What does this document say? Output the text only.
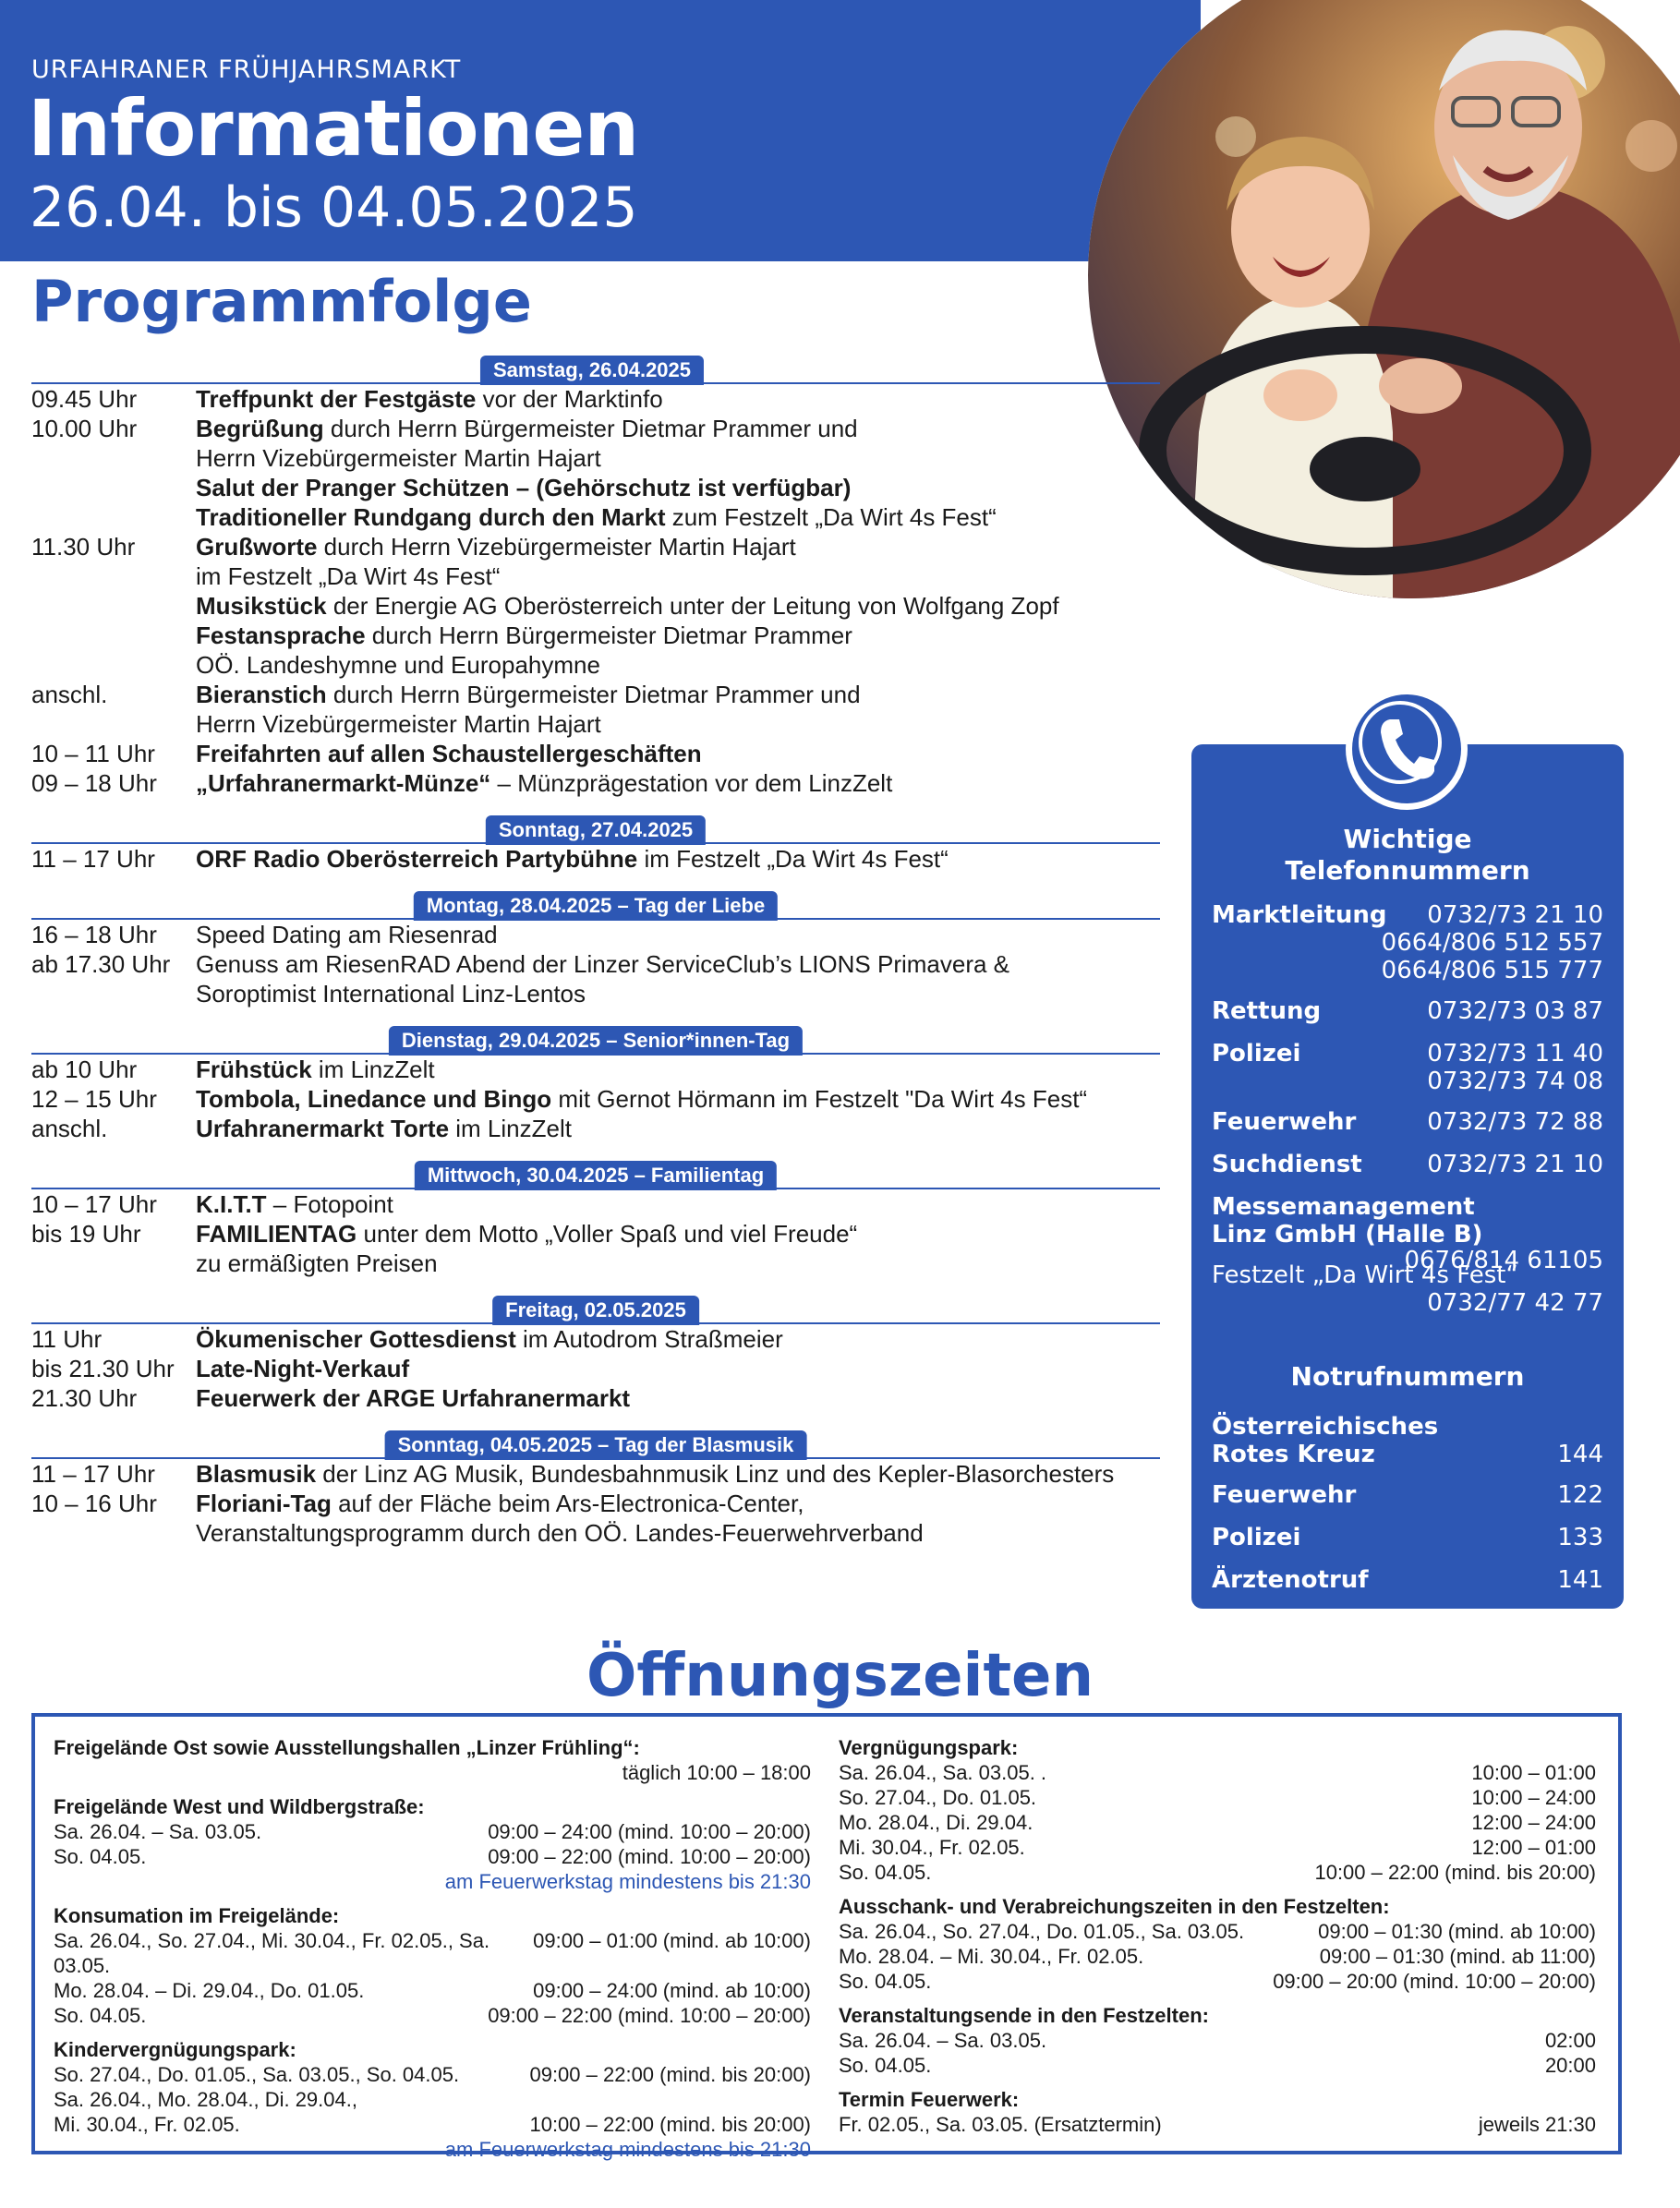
URFAHRANER FRÜHJAHRSMARKT
Informationen
26.04. bis 04.05.2025
Programmfolge
Samstag, 26.04.2025
09.45 Uhr	Treffpunkt der Festgäste vor der Marktinfo
10.00 Uhr	Begrüßung durch Herrn Bürgermeister Dietmar Prammer und
Herrn Vizebürgermeister Martin Hajart
Salut der Pranger Schützen – (Gehörschutz ist verfügbar)
Traditioneller Rundgang durch den Markt zum Festzelt „Da Wirt 4s Fest“
11.30 Uhr	Grußworte durch Herrn Vizebürgermeister Martin Hajart
im Festzelt „Da Wirt 4s Fest“
Musikstück der Energie AG Oberösterreich unter der Leitung von Wolfgang Zopf
Festansprache durch Herrn Bürgermeister Dietmar Prammer
OÖ. Landeshymne und Europahymne
anschl.	Bieranstich durch Herrn Bürgermeister Dietmar Prammer und
Herrn Vizebürgermeister Martin Hajart
10 – 11 Uhr	Freifahrten auf allen Schaustellergeschäften
09 – 18 Uhr	„Urfahranermarkt-Münze“ – Münzprägestation vor dem LinzZelt
Sonntag, 27.04.2025
11 – 17 Uhr	ORF Radio Oberösterreich Partybühne im Festzelt „Da Wirt 4s Fest“
Montag, 28.04.2025 – Tag der Liebe
16 – 18 Uhr	Speed Dating am Riesenrad
ab 17.30 Uhr	Genuss am RiesenRAD Abend der Linzer ServiceClub’s LIONS Primavera &
Soroptimist International Linz-Lentos
Dienstag, 29.04.2025 – Senior*innen-Tag
ab 10 Uhr	Frühstück im LinzZelt
12 – 15 Uhr	Tombola, Linedance und Bingo mit Gernot Hörmann im Festzelt "Da Wirt 4s Fest“
anschl.	Urfahranermarkt Torte im LinzZelt
Mittwoch, 30.04.2025 – Familientag
10 – 17 Uhr	K.I.T.T – Fotopoint
bis 19 Uhr	FAMILIENTAG unter dem Motto „Voller Spaß und viel Freude“
zu ermäßigten Preisen
Freitag, 02.05.2025
11 Uhr	Ökumenischer Gottesdienst im Autodrom Straßmeier
bis 21.30 Uhr Late-Night-Verkauf
21.30 Uhr	Feuerwerk der ARGE Urfahranermarkt
Sonntag, 04.05.2025 – Tag der Blasmusik
11 – 17 Uhr	Blasmusik der Linz AG Musik, Bundesbahnmusik Linz und des Kepler-Blasorchesters
10 – 16 Uhr	Floriani-Tag auf der Fläche beim Ars-Electronica-Center,
Veranstaltungsprogramm durch den OÖ. Landes-Feuerwehrverband
Wichtige Telefonnummern
Marktleitung	0732/73 21 10
0664/806 512 557
0664/806 515 777
Rettung	0732/73 03 87
Polizei	0732/73 11 40
0732/73 74 08
Feuerwehr	0732/73 72 88
Suchdienst	0732/73 21 10
Messemanagement Linz GmbH (Halle B)
0676/814 61105
Festzelt „Da Wirt 4s Fest“
0732/77 42 77
Notrufnummern
Österreichisches Rotes Kreuz	144
Feuerwehr	122
Polizei	133
Ärztenotruf	141
Öffnungszeiten
Freigelände Ost sowie Ausstellungshallen „Linzer Frühling“:
täglich 10:00 – 18:00
Freigelände West und Wildbergstraße:
Sa. 26.04. – Sa. 03.05.	09:00 – 24:00 (mind. 10:00 – 20:00)
So. 04.05.	09:00 – 22:00 (mind. 10:00 – 20:00)
am Feuerwerkstag mindestens bis 21:30
Konsumation im Freigelände:
Sa. 26.04., So. 27.04., Mi. 30.04., Fr. 02.05., Sa. 03.05.
09:00 – 01:00 (mind. ab 10:00)
Mo. 28.04. – Di. 29.04., Do. 01.05.	09:00 – 24:00 (mind. ab 10:00)
So. 04.05.	09:00 – 22:00 (mind. 10:00 – 20:00)
Kindervergnügungspark:
So. 27.04., Do. 01.05., Sa. 03.05., So. 04.05.	09:00 – 22:00 (mind. bis 20:00)
Sa. 26.04., Mo. 28.04., Di. 29.04.,
Mi. 30.04., Fr. 02.05.	10:00 – 22:00 (mind. bis 20:00)
am Feuerwerkstag mindestens bis 21:30
Vergnügungspark:
Sa. 26.04., Sa. 03.05. .	10:00 – 01:00
So. 27.04., Do. 01.05.	10:00 – 24:00
Mo. 28.04., Di. 29.04.	12:00 – 24:00
Mi. 30.04., Fr. 02.05.	12:00 – 01:00
So. 04.05.	10:00 – 22:00 (mind. bis 20:00)
Ausschank- und Verabreichungszeiten in den Festzelten:
Sa. 26.04., So. 27.04., Do. 01.05., Sa. 03.05.	09:00 – 01:30 (mind. ab 10:00)
Mo. 28.04. – Mi. 30.04., Fr. 02.05.	09:00 – 01:30 (mind. ab 11:00)
So. 04.05.	09:00 – 20:00 (mind. 10:00 – 20:00)
Veranstaltungsende in den Festzelten:
Sa. 26.04. – Sa. 03.05.	02:00
So. 04.05.	20:00
Termin Feuerwerk:
Fr. 02.05., Sa. 03.05. (Ersatztermin)	jeweils 21:30
